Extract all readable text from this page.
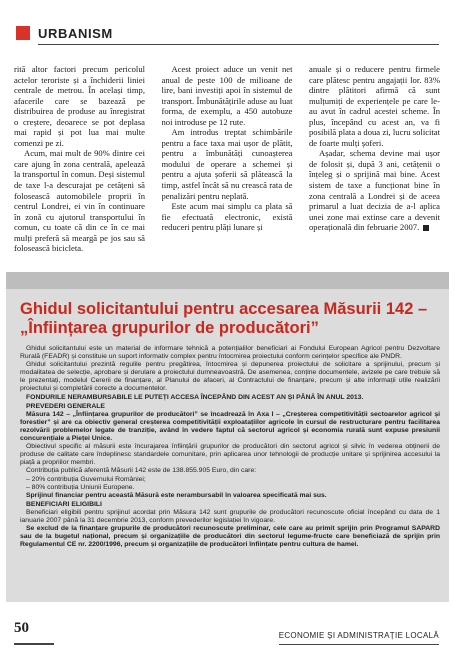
URBANISM

rită altor factori precum pericolul actelor teroriste și a închiderii liniei centrale de metrou. În același timp, afacerile care se bazează pe distribuirea de produse au înregistrat o creștere, deoarece se pot deplasa mai rapid și pot lua mai multe comenzi pe zi.

Acum, mai mult de 90% dintre cei care ajung în zona centrală, apelează la transportul în comun. Deși sistemul de taxe l-a descurajat pe cetățeni să folosească automobilele proprii în centrul Londrei, ei vin în continuare în zonă cu ajutorul transportului în comun, cu toate că din ce în ce mai mulți preferă să meargă pe jos sau să folosească bicicleta.

Acest proiect aduce un venit net anual de peste 100 de milioane de lire, bani investiți apoi în sistemul de transport. Îmbunătățirile aduse au luat forma, de exemplu, a 450 autobuze noi introduse pe 12 rute.

Am introdus treptat schimbările pentru a face taxa mai ușor de plătit, pentru a îmbunătăți cunoașterea modului de operare a schemei și pentru a ajuta șoferii să plătească la timp, astfel încât să nu crească rata de penalizări pentru neplată.

Este acum mai simplu ca plata să fie efectuată electronic, există reduceri pentru plăți lunare și

anuale și o reducere pentru firmele care plătesc pentru angajații lor. 83% dintre plătitori afirmă că sunt mulțumiți de experiențele pe care le-au avut în cadrul acestei scheme. În plus, începând cu acest an, va fi posibilă plata a doua zi, lucru solicitat de foarte mulți șoferi.

Așadar, schema devine mai ușor de folosit și, după 3 ani, cetățenii o înțeleg și o sprijină mai bine. Acest sistem de taxe a funcționat bine în zona centrală a Londrei și de aceea primarul a luat decizia de a-l aplica unei zone mai extinse care a devenit operațională din februarie 2007.

Ghidul solicitantului pentru accesarea Măsurii 142 – „Înființarea grupurilor de producători”

Ghidul solicitantului este un material de informare tehnică a potențialilor beneficiari ai Fondului European Agricol pentru Dezvoltare Rurală (FEADR) și constituie un suport informativ complex pentru întocmirea proiectului conform cerințelor specifice ale PNDR.

Ghidul solicitantului prezintă regulile pentru pregătirea, întocmirea și depunerea proiectului de solicitare a sprijinului, precum și modalitatea de selecție, aprobare și derulare a proiectului dumneavoastră. De asemenea, conține documentele, avizele pe care trebuie să le prezentați, modelul Cererii de finanțare, al Planului de afaceri, al Contractului de finanțare, precum și alte informații utile realizării proiectului și completării corecte a documentelor.

FONDURILE NERAMBURSABILE LE PUTEȚI ACCESA ÎNCEPÂND DIN ACEST AN ȘI PÂNĂ ÎN ANUL 2013.

PREVEDERI GENERALE

Măsura 142 – „Înființarea grupurilor de producători” se încadrează în Axa I – „Creșterea competitivității sectoarelor agricol și forestier” și are ca obiectiv general creșterea competitivității exploatațiilor agricole în cursul de restructurare pentru facilitarea rezolvării problemelor legate de tranziție, având în vedere faptul că sectorul agricol și economia rurală sunt expuse presiunii concurențiale a Pieței Unice.

Obiectivul specific al măsurii este încurajarea înființării grupurilor de producători din sectorul agricol și silvic în vederea obținerii de produse de calitate care îndeplinesc standardele comunitare, prin aplicarea unor tehnologii de producție unitare și sprijinirea accesului la piață a propriilor membri.

Contribuția publică aferentă Măsurii 142 este de 138.855.905 Euro, din care:

– 20% contribuția Guvernului României;

– 80% contribuția Uniunii Europene.

Sprijinul financiar pentru această Măsură este nerambursabil în valoarea specificată mai sus.

BENEFICIARI ELIGIBILI

Beneficiari eligibili pentru sprijinul acordat prin Măsura 142 sunt grupurile de producători recunoscute oficial începând cu data de 1 ianuarie 2007 până la 31 decembrie 2013, conform prevederilor legislației în vigoare.

Se exclud de la finanțare grupurile de producători recunoscute preliminar, cele care au primit sprijin prin Programul SAPARD sau de la bugetul național, precum și organizațiile de producători din sectorul legume-fructe care beneficiază de sprijin prin Regulamentul CE nr. 2200/1996, precum și organizațiile de producători înființate pentru cultura de hamei.

50	ECONOMIE ȘI ADMINISTRAȚIE LOCALĂ
